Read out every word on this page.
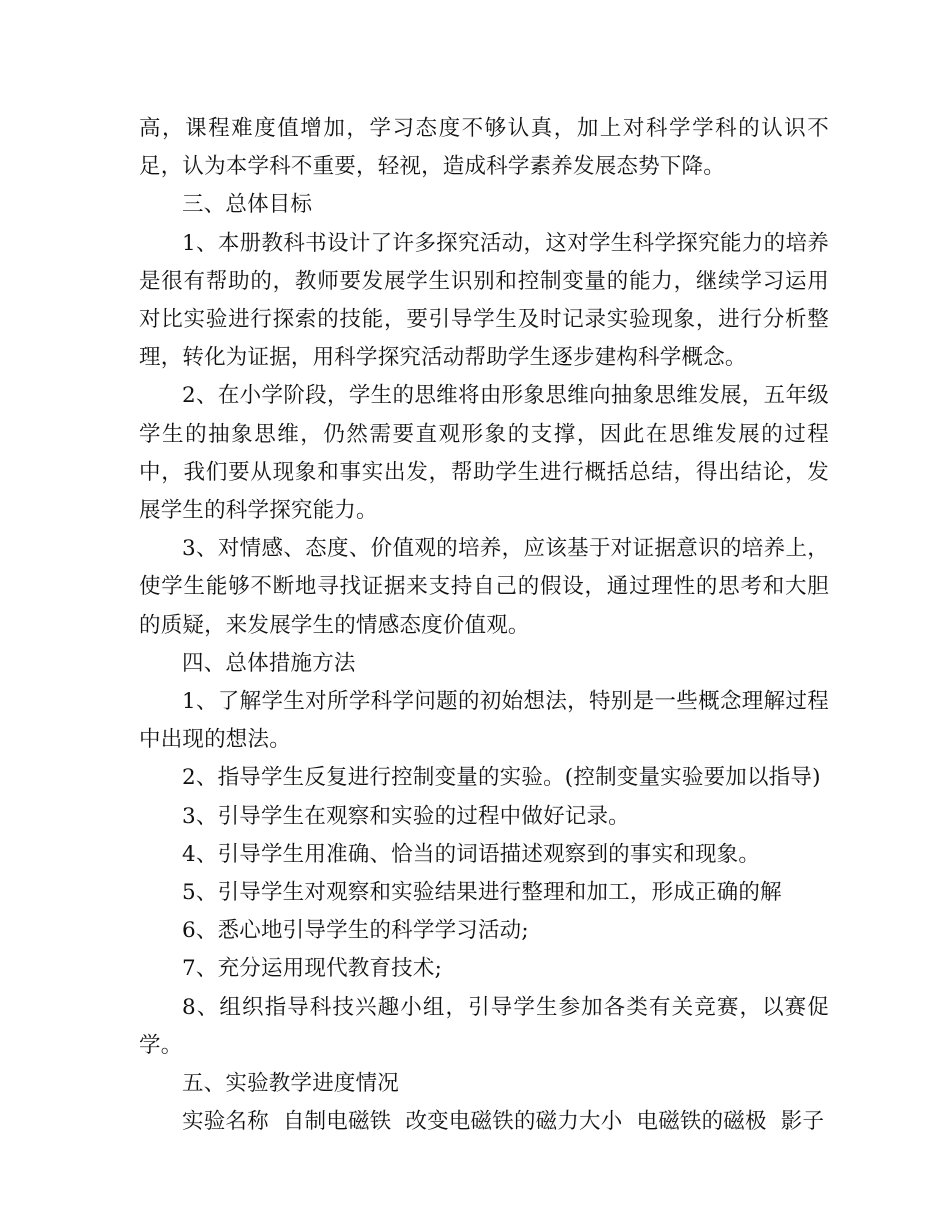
高，课程难度值增加，学习态度不够认真，加上对科学学科的认识不足，认为本学科不重要，轻视，造成科学素养发展态势下降。

三、总体目标

1、本册教科书设计了许多探究活动，这对学生科学探究能力的培养是很有帮助的，教师要发展学生识别和控制变量的能力，继续学习运用对比实验进行探索的技能，要引导学生及时记录实验现象，进行分析整理，转化为证据，用科学探究活动帮助学生逐步建构科学概念。

2、在小学阶段，学生的思维将由形象思维向抽象思维发展，五年级学生的抽象思维，仍然需要直观形象的支撑，因此在思维发展的过程中，我们要从现象和事实出发，帮助学生进行概括总结，得出结论，发展学生的科学探究能力。

3、对情感、态度、价值观的培养，应该基于对证据意识的培养上，使学生能够不断地寻找证据来支持自己的假设，通过理性的思考和大胆的质疑，来发展学生的情感态度价值观。

四、总体措施方法

1、了解学生对所学科学问题的初始想法，特别是一些概念理解过程中出现的想法。

2、指导学生反复进行控制变量的实验。(控制变量实验要加以指导)

3、引导学生在观察和实验的过程中做好记录。

4、引导学生用准确、恰当的词语描述观察到的事实和现象。

5、引导学生对观察和实验结果进行整理和加工，形成正确的解

6、悉心地引导学生的科学学习活动;

7、充分运用现代教育技术;

8、组织指导科技兴趣小组，引导学生参加各类有关竞赛，以赛促学。

五、实验教学进度情况

实验名称  自制电磁铁  改变电磁铁的磁力大小  电磁铁的磁极  影子
